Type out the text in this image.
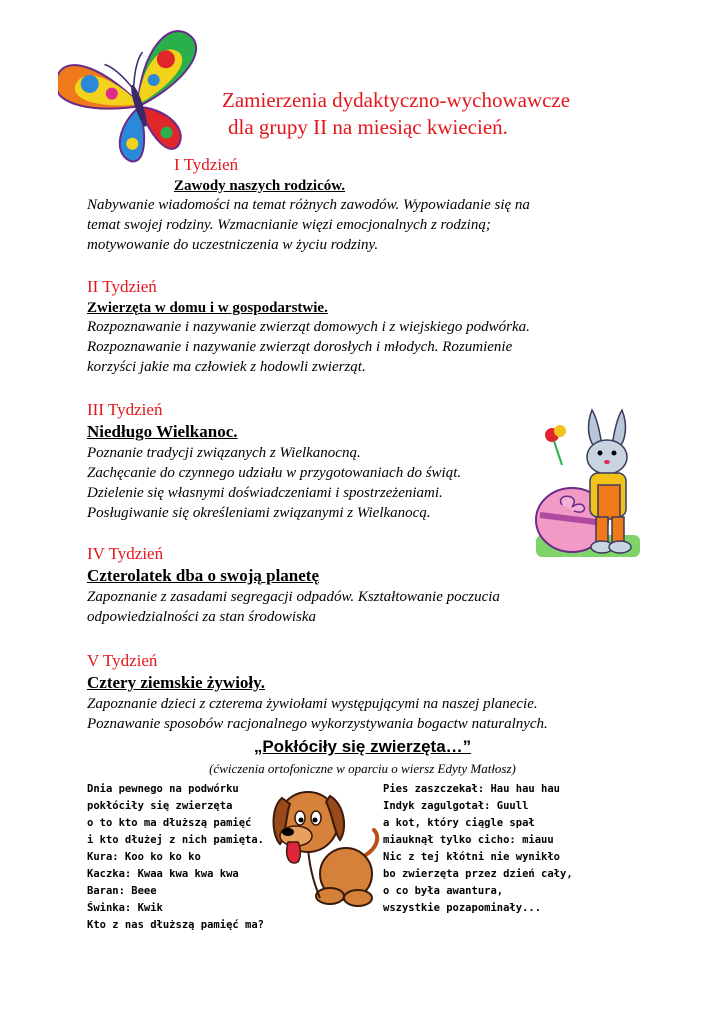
Zamierzenia dydaktyczno-wychowawcze
dla grupy II na miesiąc kwiecień.
I Tydzień
Zawody naszych rodziców.
Nabywanie wiadomości na temat różnych zawodów. Wypowiadanie się na
temat swojej rodziny. Wzmacnianie więzi emocjonalnych z rodziną;
motywowanie do uczestniczenia w życiu rodziny.
II Tydzień
Zwierzęta w domu i w gospodarstwie.
Rozpoznawanie i nazywanie zwierząt domowych i z wiejskiego podwórka.
Rozpoznawanie i nazywanie zwierząt dorosłych i młodych. Rozumienie
korzyści jakie ma człowiek z hodowli zwierząt.
III Tydzień
Niedługo Wielkanoc.
Poznanie tradycji związanych z Wielkanocną.
Zachęcanie do czynnego udziału w przygotowaniach do świąt.
Dzielenie się własnymi doświadczeniami i spostrzeżeniami.
Posługiwanie się określeniami związanymi z Wielkanocą.
IV Tydzień
Czterolatek dba o swoją planetę
Zapoznanie z zasadami segregacji odpadów. Kształtowanie poczucia
odpowiedzialności za stan środowiska
V Tydzień
Cztery ziemskie żywioły.
Zapoznanie dzieci z czterema żywiołami występującymi na naszej planecie.
Poznawanie sposobów racjonalnego wykorzystywania bogactw naturalnych.
„Pokłóciły się zwierzęta…”
(ćwiczenia ortofoniczne w oparciu o wiersz Edyty Matłosz)
Dnia pewnego na podwórku
pokłóciły się zwierzęta
o to kto ma dłuższą pamięć
i kto dłużej z nich pamięta.
Kura: Koo ko ko ko
Kaczka: Kwaa kwa kwa kwa
Baran: Beee
Świnka: Kwik
Kto z nas dłuższą pamięć ma?
Pies zaszczekał: Hau hau hau
Indyk zagulgotał: Guull
a kot, który ciągle spał
miauknął tylko cicho: miauu
Nic z tej kłótni nie wynikło
bo zwierzęta przez dzień cały,
o co była awantura,
wszystkie pozapominały...
